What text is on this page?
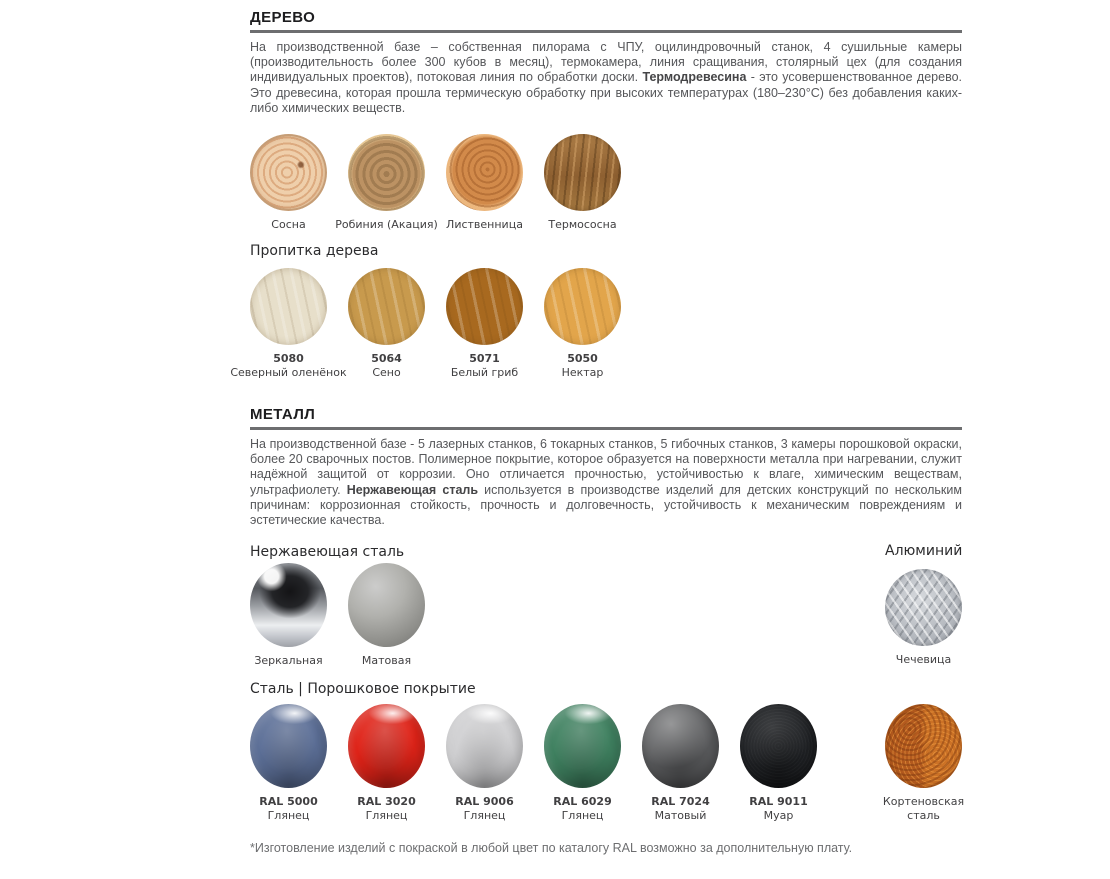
ДЕРЕВО
На производственной базе – собственная пилорама с ЧПУ, оцилиндровочный станок, 4 сушильные камеры (производительность более 300 кубов в месяц), термокамера, линия сращивания, столярный цех (для создания индивидуальных проектов), потоковая линия по обработки доски. Термодревесина - это усовершенствованное дерево. Это древесина, которая прошла термическую обработку при высоких температурах (180–230°С) без добавления каких-либо химических веществ.
Сосна	Робиния (Акация) Лиственница	Термососна
Пропитка дерева
5080
Северный оленёнок
5064
Сено
5071
Белый гриб
5050
Нектар
МЕТАЛЛ
На производственной базе - 5 лазерных станков, 6 токарных станков, 5 гибочных станков, 3 камеры порошковой окраски, более 20 сварочных постов. Полимерное покрытие, которое образуется на поверхности металла при нагревании, служит надёжной защитой от коррозии. Оно отличается прочностью, устойчивостью к влаге, химическим веществам, ультрафиолету. Нержавеющая сталь используется в производстве изделий для детских конструкций по нескольким причинам: коррозионная стойкость, прочность и долговечность, устойчивость к механическим повреждениям и эстетические качества.
Нержавеющая сталь	Алюминий
Зеркальная	Матовая	Чечевица
Сталь | Порошковое покрытие
RAL 5000
Глянец
RAL 3020
Глянец
RAL 9006
Глянец
RAL 6029
Глянец
RAL 7024
Матовый
RAL 9011
Муар
Кортеновская сталь
*Изготовление изделий с покраской в любой цвет по каталогу RAL возможно за дополнительную плату.
